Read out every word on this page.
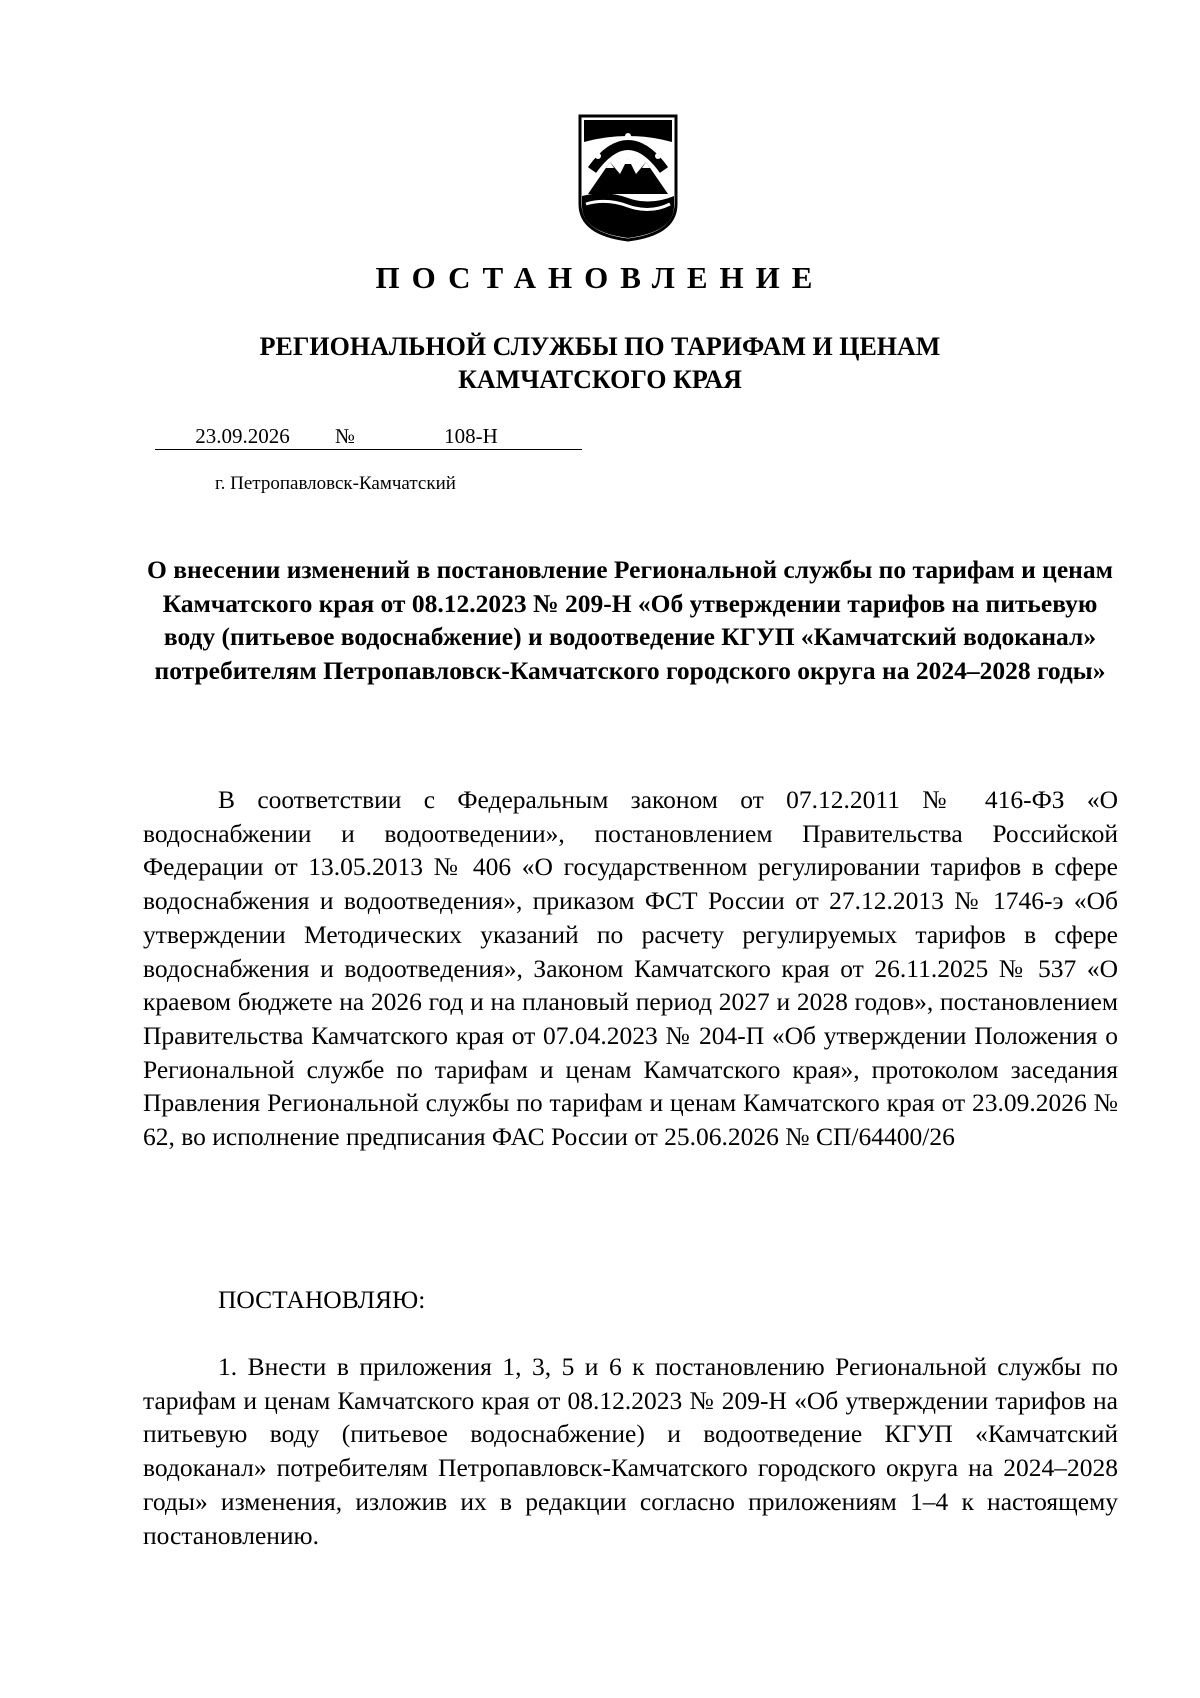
ПОСТАНОВЛЕНИЕ
РЕГИОНАЛЬНОЙ СЛУЖБЫ ПО ТАРИФАМ И ЦЕНАМ
КАМЧАТСКОГО КРАЯ
23.09.2026 №	108-Н
г. Петропавловск-Камчатский
О внесении изменений в постановление Региональной службы по тарифам и ценам Камчатского края от 08.12.2023 № 209-Н «Об утверждении тарифов на питьевую воду (питьевое водоснабжение) и водоотведение КГУП «Камчатский водоканал» потребителям Петропавловск-Камчатского городского округа на 2024–2028 годы»
В соответствии с Федеральным законом от 07.12.2011 № 416-ФЗ «О водоснабжении и водоотведении», постановлением Правительства Российской Федерации от 13.05.2013 № 406 «О государственном регулировании тарифов в сфере водоснабжения и водоотведения», приказом ФСТ России от 27.12.2013 № 1746-э «Об утверждении Методических указаний по расчету регулируемых тарифов в сфере водоснабжения и водоотведения», Законом Камчатского края от 26.11.2025 № 537 «О краевом бюджете на 2026 год и на плановый период 2027 и 2028 годов», постановлением Правительства Камчатского края от 07.04.2023 № 204-П «Об утверждении Положения о Региональной службе по тарифам и ценам Камчатского края», протоколом заседания Правления Региональной службы по тарифам и ценам Камчатского края от 23.09.2026 № 62, во исполнение предписания ФАС России от 25.06.2026 № СП/64400/26
ПОСТАНОВЛЯЮ:
1. Внести в приложения 1, 3, 5 и 6 к постановлению Региональной службы по тарифам и ценам Камчатского края от 08.12.2023 № 209-Н «Об утверждении тарифов на питьевую воду (питьевое водоснабжение) и водоотведение КГУП «Камчатский водоканал» потребителям Петропавловск-Камчатского городского округа на 2024–2028 годы» изменения, изложив их в редакции согласно приложениям 1–4 к настоящему постановлению.
